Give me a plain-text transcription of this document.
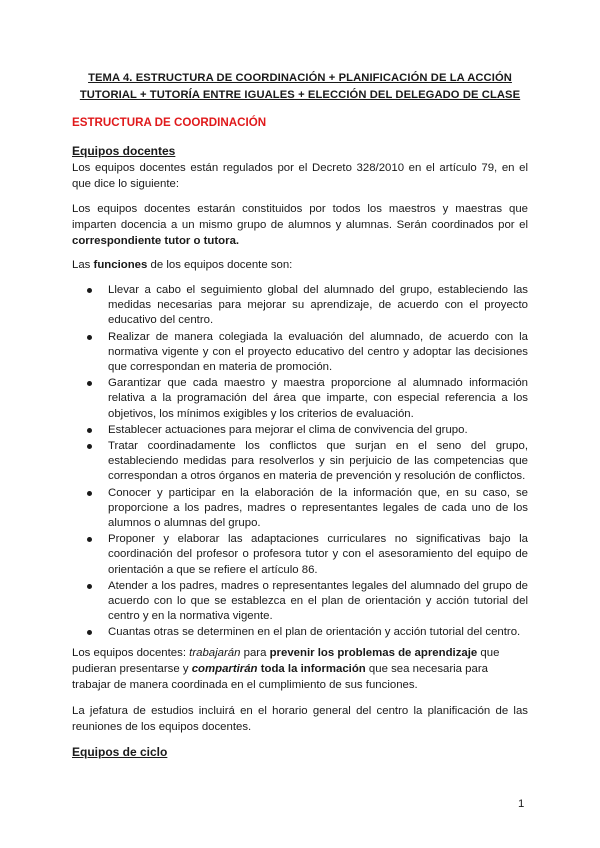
TEMA 4. ESTRUCTURA DE COORDINACIÓN + PLANIFICACIÓN DE LA ACCIÓN
TUTORIAL + TUTORÍA ENTRE IGUALES + ELECCIÓN DEL DELEGADO DE CLASE
ESTRUCTURA DE COORDINACIÓN
Equipos docentes
Los equipos docentes están regulados por el Decreto 328/2010 en el artículo 79, en el que dice lo siguiente:
Los equipos docentes estarán constituidos por todos los maestros y maestras que imparten docencia a un mismo grupo de alumnos y alumnas. Serán coordinados por el correspondiente tutor o tutora.
Las funciones de los equipos docente son:
Llevar a cabo el seguimiento global del alumnado del grupo, estableciendo las medidas necesarias para mejorar su aprendizaje, de acuerdo con el proyecto educativo del centro.
Realizar de manera colegiada la evaluación del alumnado, de acuerdo con la normativa vigente y con el proyecto educativo del centro y adoptar las decisiones que correspondan en materia de promoción.
Garantizar que cada maestro y maestra proporcione al alumnado información relativa a la programación del área que imparte, con especial referencia a los objetivos, los mínimos exigibles y los criterios de evaluación.
Establecer actuaciones para mejorar el clima de convivencia del grupo.
Tratar coordinadamente los conflictos que surjan en el seno del grupo, estableciendo medidas para resolverlos y sin perjuicio de las competencias que correspondan a otros órganos en materia de prevención y resolución de conflictos.
Conocer y participar en la elaboración de la información que, en su caso, se proporcione a los padres, madres o representantes legales de cada uno de los alumnos o alumnas del grupo.
Proponer y elaborar las adaptaciones curriculares no significativas bajo la coordinación del profesor o profesora tutor y con el asesoramiento del equipo de orientación a que se refiere el artículo 86.
Atender a los padres, madres o representantes legales del alumnado del grupo de acuerdo con lo que se establezca en el plan de orientación y acción tutorial del centro y en la normativa vigente.
Cuantas otras se determinen en el plan de orientación y acción tutorial del centro.
Los equipos docentes: trabajarán para prevenir los problemas de aprendizaje que pudieran presentarse y compartirán toda la información que sea necesaria para trabajar de manera coordinada en el cumplimiento de sus funciones.
La jefatura de estudios incluirá en el horario general del centro la planificación de las reuniones de los equipos docentes.
Equipos de ciclo
1
